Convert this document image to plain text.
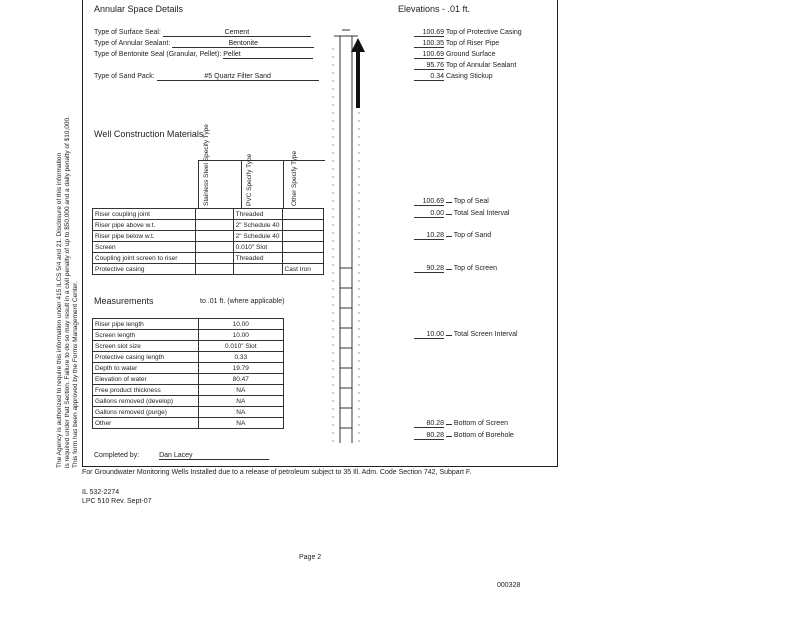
The Agency is authorized to require this information under 415 ILCS 5/4 and 21. Disclosure of this information is required under that Section. Failure to do so may result in a civil penalty of up to $50,000 and a daily penalty of $10,000. This form has been approved by the Forms Management Center.
Annular Space Details
Type of Surface Seal:	Cement
Type of Annular Sealant:	Bentonite
Type of Bentonite Seal (Granular, Pellet): Pellet
Type of Sand Pack:	#5 Quartz Filter Sand
Elevations - .01 ft.
100.69 Top of Protective Casing
100.35 Top of Riser Pipe
100.69 Ground Surface
95.76 Top of Annular Sealant
0.34 Casing Stickup
100.69 Top of Seal
0.00 Total Seal Interval
10.28 Top of Sand
90.28 Top of Screen
10.00 Total Screen Interval
80.28 Bottom of Screen
80.28 Bottom of Borehole
Well Construction Materials Stainless Steel Specify Type	PVC Specify Type	Other Specify Type
Riser coupling joint		Threaded	
Riser pipe above w.t.		2" Schedule 40	
Riser pipe below w.t.		2" Schedule 40	
Screen		0.010" Slot	
Coupling joint screen to riser		Threaded	
Protective casing			Cast Iron
Measurements	to .01 ft. (where applicable)
Riser pipe length	10.00
Screen length	10.00
Screen slot size	0.010" Slot
Protective casing length	0.33
Depth to water	19.79
Elevation of water	80.47
Free product thickness	NA
Gallons removed (develop)	NA
Gallons removed (purge)	NA
Other	NA
Completed by:	Dan Lacey
For Groundwater Monitoring Wells Installed due to a release of petroleum subject to 35 Ill. Adm. Code Section 742, Subpart F.
IL 532-2274
LPC 510 Rev. Sept-07
Page 2
000328
